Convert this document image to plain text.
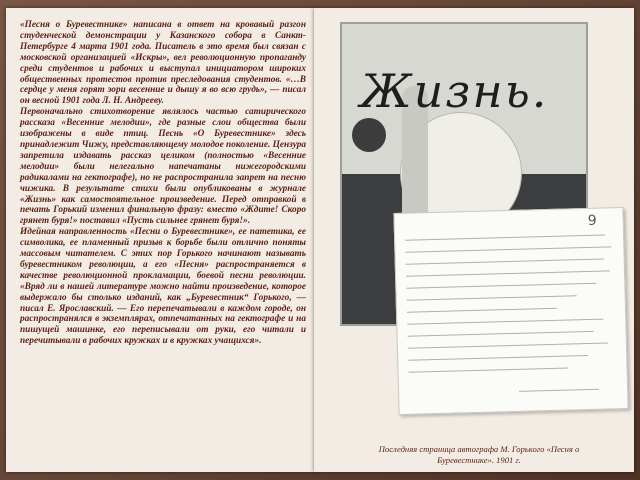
«Песня о Буревестнике» написана в ответ на кровавый разгон студенческой демонстрации у Казанского собора в Санкт-Петербурге 4 марта 1901 года. Писатель в это время был связан с московской организацией «Искры», вел революционную пропаганду среди студентов и рабочих и выступал инициатором широких общественных протестов против преследования студентов. «…В сердце у меня горят зори весенние и дышу я во всю грудь», — писал он весной 1901 года Л. Н. Андрееву.

Первоначально стихотворение являлось частью сатирического рассказа «Весенние мелодии», где разные слои общества были изображены в виде птиц. Песнь «О Буревестнике» здесь принадлежит Чижу, представляющему молодое поколение. Цензура запретила издавать рассказ целиком (полностью «Весенние мелодии» были нелегально напечатаны нижегородскими радикалами на гектографе), но не распространила запрет на песню чижика. В результате стихи были опубликованы в журнале «Жизнь» как самостоятельное произведение. Перед отправкой в печать Горький изменил финальную фразу: вместо «Ждите! Скоро грянет буря!» поставил «Пусть сильнее грянет буря!».

Идейная направленность «Песни о Буревестнике», ее патетика, ее символика, ее пламенный призыв к борьбе были отлично поняты массовым читателем. С этих пор Горького начинают называть буревестником революции, а его «Песня» распространяется в качестве революционной прокламации, боевой песни революции. «Вряд ли в нашей литературе можно найти произведение, которое выдержало бы столько изданий, как „Буревестник“ Горького, — писал Е. Ярославский. — Его перепечатывали в каждом городе, он распространялся в экземплярах, отпечатанных на гектографе и на пишущей машинке, его переписывали от руки, его читали и перечитывали в рабочих кружках и в кружках учащихся».

Жизнь.
9
Последняя страница автографа М. Горького «Песня о Буревестнике». 1901 г.
